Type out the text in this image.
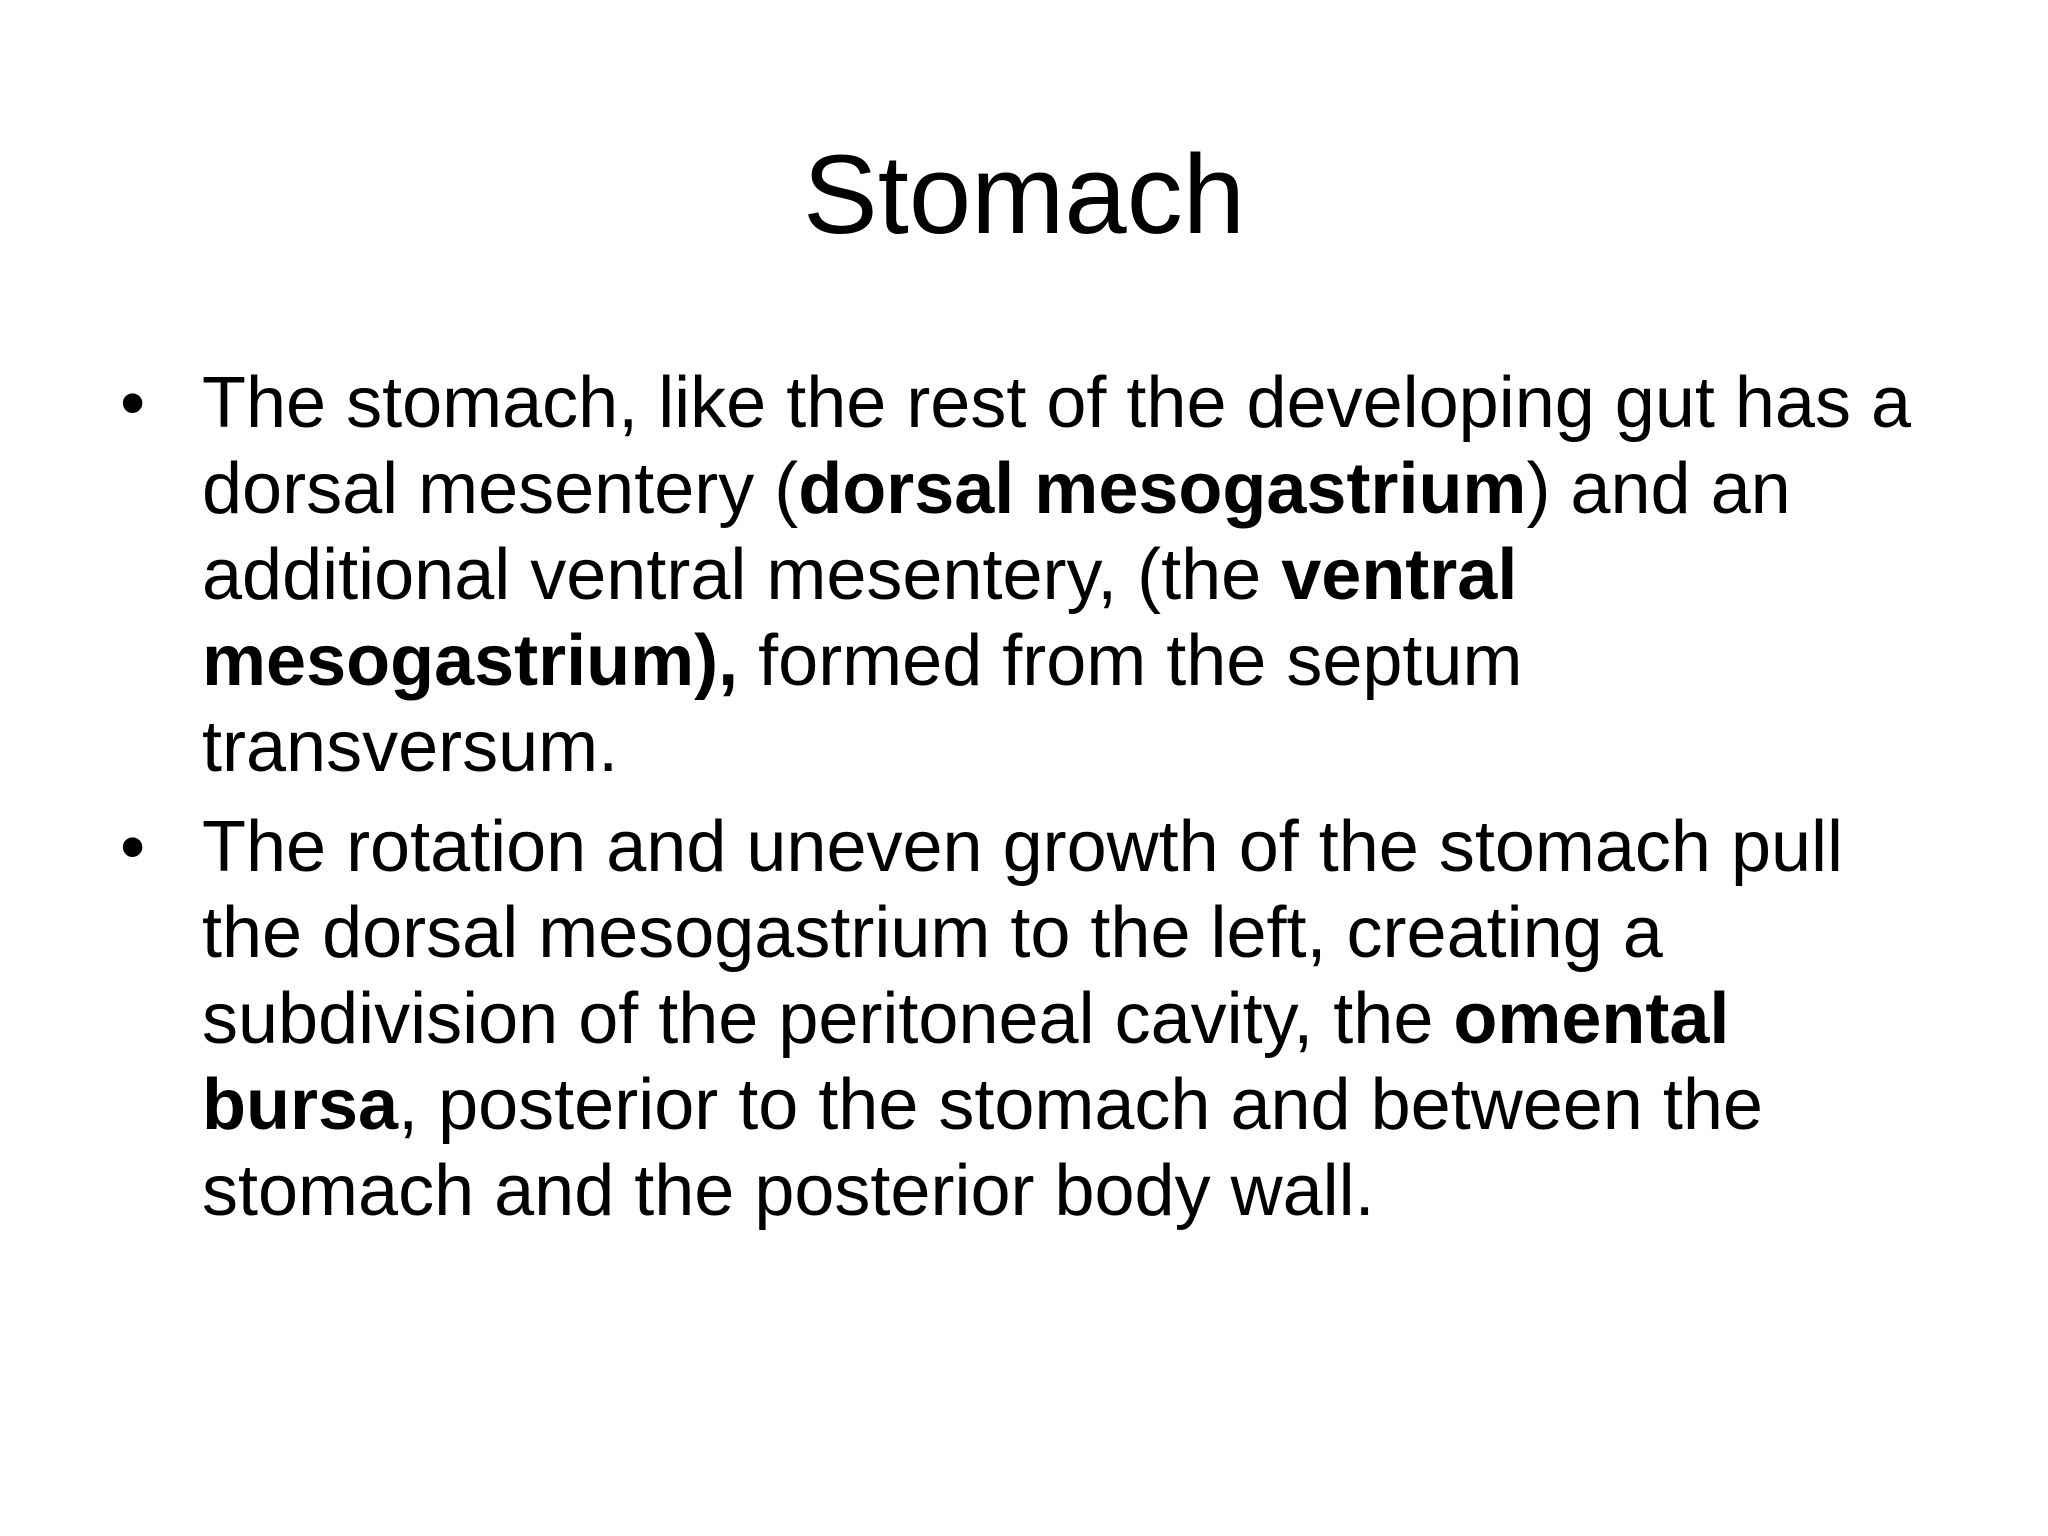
Stomach
• The stomach, like the rest of the developing gut has a dorsal mesentery (dorsal mesogastrium) and an additional ventral mesentery, (the ventral mesogastrium), formed from the septum transversum.
• The rotation and uneven growth of the stomach pull the dorsal mesogastrium to the left, creating a subdivision of the peritoneal cavity, the omental bursa, posterior to the stomach and between the stomach and the posterior body wall.
